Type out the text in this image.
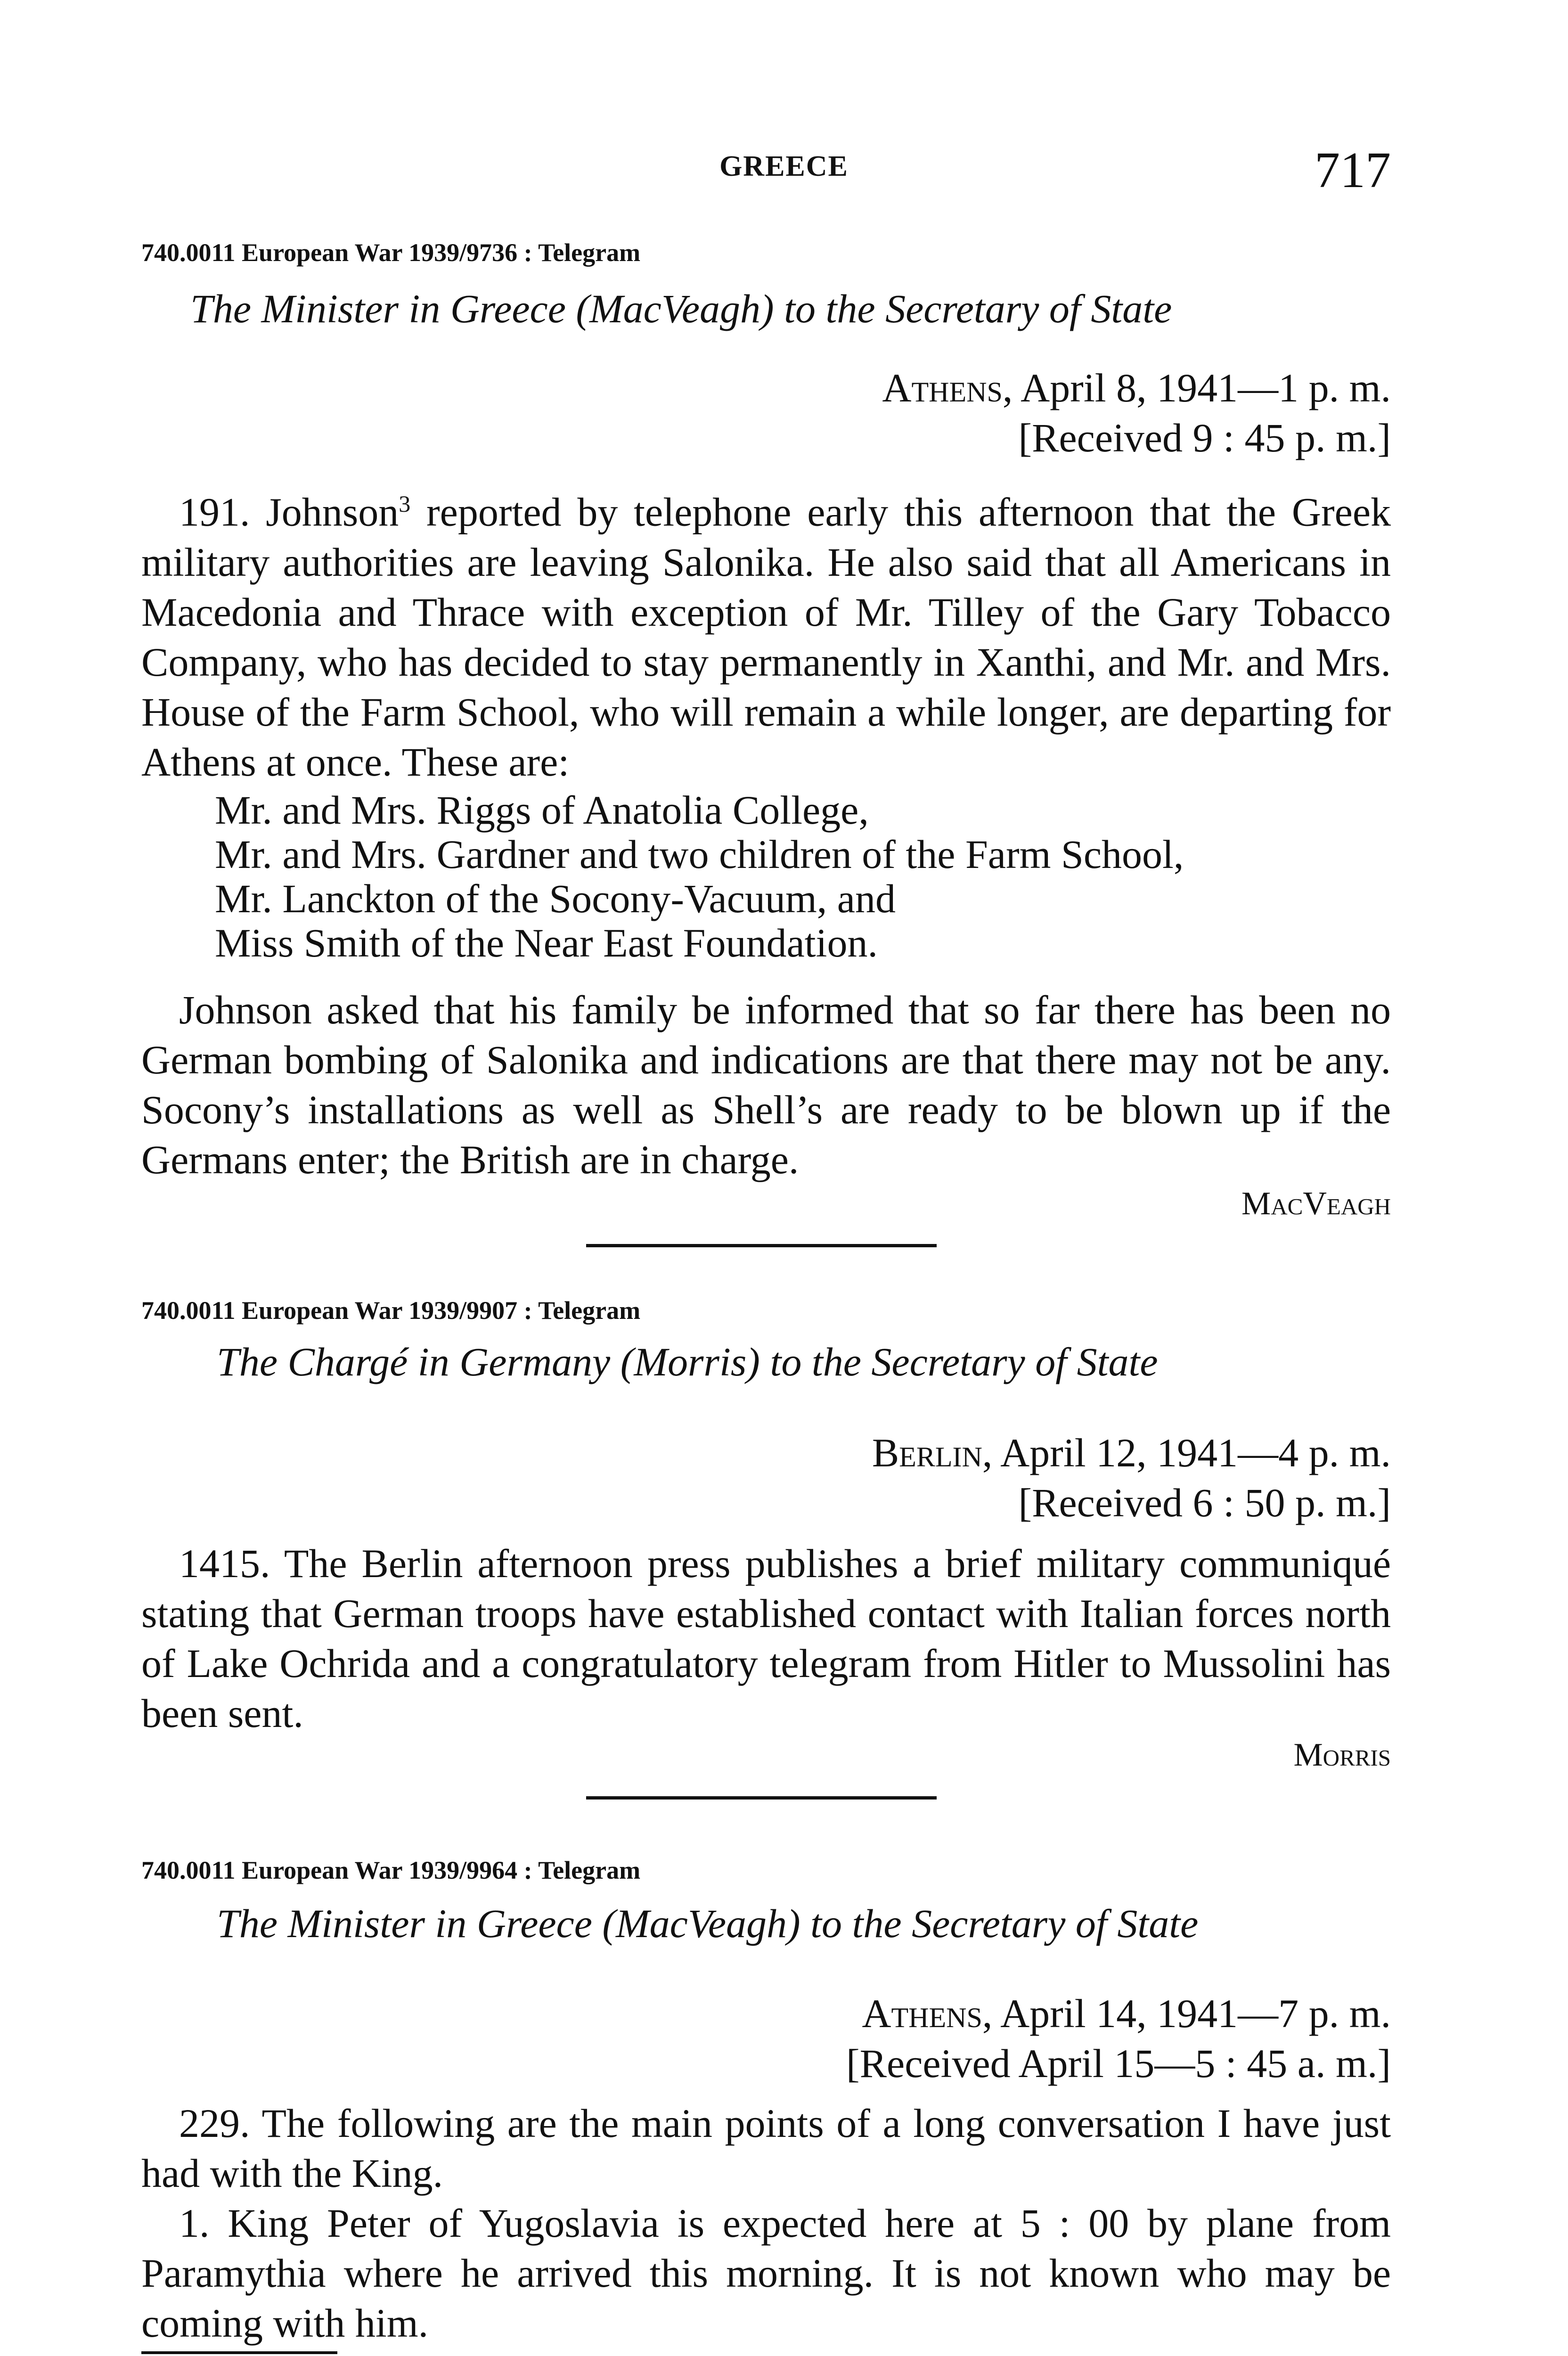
GREECE	717
740.0011 European War 1939/9736 : Telegram
The Minister in Greece (MacVeagh) to the Secretary of State
Athens, April 8, 1941—1 p. m.
[Received 9 : 45 p. m.]

191. Johnson$^3$ reported by telephone early this afternoon that the Greek military authorities are leaving Salonika. He also said that all Americans in Macedonia and Thrace with exception of Mr. Tilley of the Gary Tobacco Company, who has decided to stay permanently in Xanthi, and Mr. and Mrs. House of the Farm School, who will remain a while longer, are departing for Athens at once. These are:

Mr. and Mrs. Riggs of Anatolia College,
Mr. and Mrs. Gardner and two children of the Farm School,
Mr. Lanckton of the Socony-Vacuum, and
Miss Smith of the Near East Foundation.

Johnson asked that his family be informed that so far there has been no German bombing of Salonika and indications are that there may not be any. Socony’s installations as well as Shell’s are ready to be blown up if the Germans enter; the British are in charge.

MacVeagh
740.0011 European War 1939/9907 : Telegram
The Chargé in Germany (Morris) to the Secretary of State
Berlin, April 12, 1941—4 p. m.
[Received 6 : 50 p. m.]

1415. The Berlin afternoon press publishes a brief military communiqué stating that German troops have established contact with Italian forces north of Lake Ochrida and a congratulatory telegram from Hitler to Mussolini has been sent.

Morris
740.0011 European War 1939/9964 : Telegram
The Minister in Greece (MacVeagh) to the Secretary of State
Athens, April 14, 1941—7 p. m.
[Received April 15—5 : 45 a. m.]

229. The following are the main points of a long conversation I have just had with the King.

1. King Peter of Yugoslavia is expected here at 5 : 00 by plane from Paramythia where he arrived this morning. It is not known who may be coming with him.
